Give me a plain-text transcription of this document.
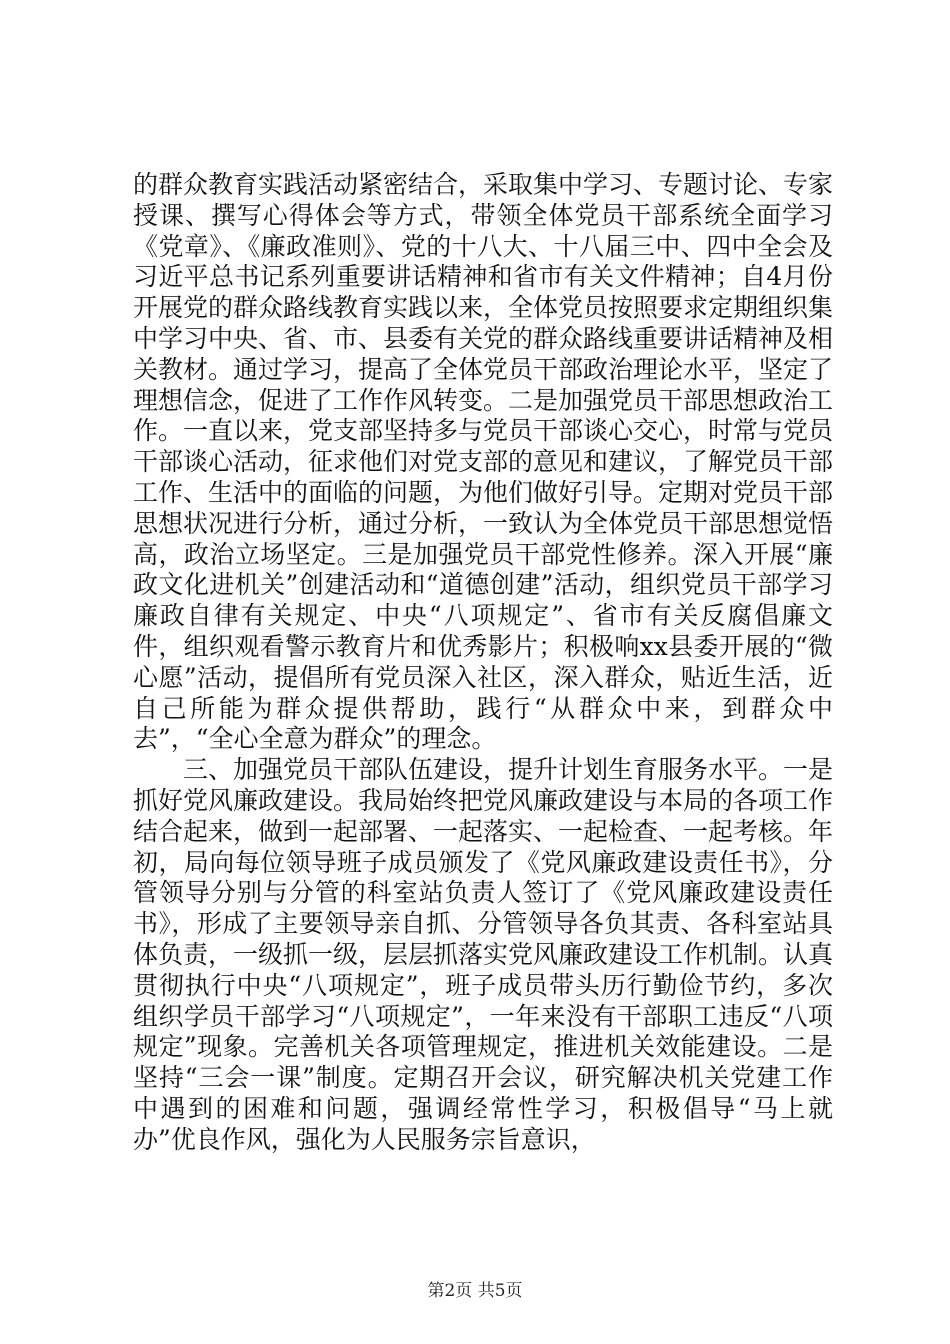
的群众教育实践活动紧密结合，采取集中学习、专题讨论、专家授课、撰写心得体会等方式，带领全体党员干部系统全面学习《党章》、《廉政准则》、党的十八大、十八届三中、四中全会及习近平总书记系列重要讲话精神和省市有关文件精神；自4月份开展党的群众路线教育实践以来，全体党员按照要求定期组织集中学习中央、省、市、县委有关党的群众路线重要讲话精神及相关教材。通过学习，提高了全体党员干部政治理论水平，坚定了理想信念，促进了工作作风转变。二是加强党员干部思想政治工作。一直以来，党支部坚持多与党员干部谈心交心，时常与党员干部谈心活动，征求他们对党支部的意见和建议，了解党员干部工作、生活中的面临的问题，为他们做好引导。定期对党员干部思想状况进行分析，通过分析，一致认为全体党员干部思想觉悟高，政治立场坚定。三是加强党员干部党性修养。深入开展“廉政文化进机关”创建活动和“道德创建”活动，组织党员干部学习廉政自律有关规定、中央“八项规定”、省市有关反腐倡廉文件，组织观看警示教育片和优秀影片；积极响xx县委开展的“微心愿”活动，提倡所有党员深入社区，深入群众，贴近生活，近自己所能为群众提供帮助，践行“从群众中来，到群众中去”，“全心全意为群众”的理念。

三、加强党员干部队伍建设，提升计划生育服务水平。一是抓好党风廉政建设。我局始终把党风廉政建设与本局的各项工作结合起来，做到一起部署、一起落实、一起检查、一起考核。年初，局向每位领导班子成员颁发了《党风廉政建设责任书》，分管领导分别与分管的科室站负责人签订了《党风廉政建设责任书》，形成了主要领导亲自抓、分管领导各负其责、各科室站具体负责，一级抓一级，层层抓落实党风廉政建设工作机制。认真贯彻执行中央“八项规定”，班子成员带头历行勤俭节约，多次组织学员干部学习“八项规定”，一年来没有干部职工违反“八项规定”现象。完善机关各项管理规定，推进机关效能建设。二是坚持“三会一课”制度。定期召开会议，研究解决机关党建工作中遇到的困难和问题，强调经常性学习，积极倡导“马上就办”优良作风，强化为人民服务宗旨意识，

第2页 共5页
